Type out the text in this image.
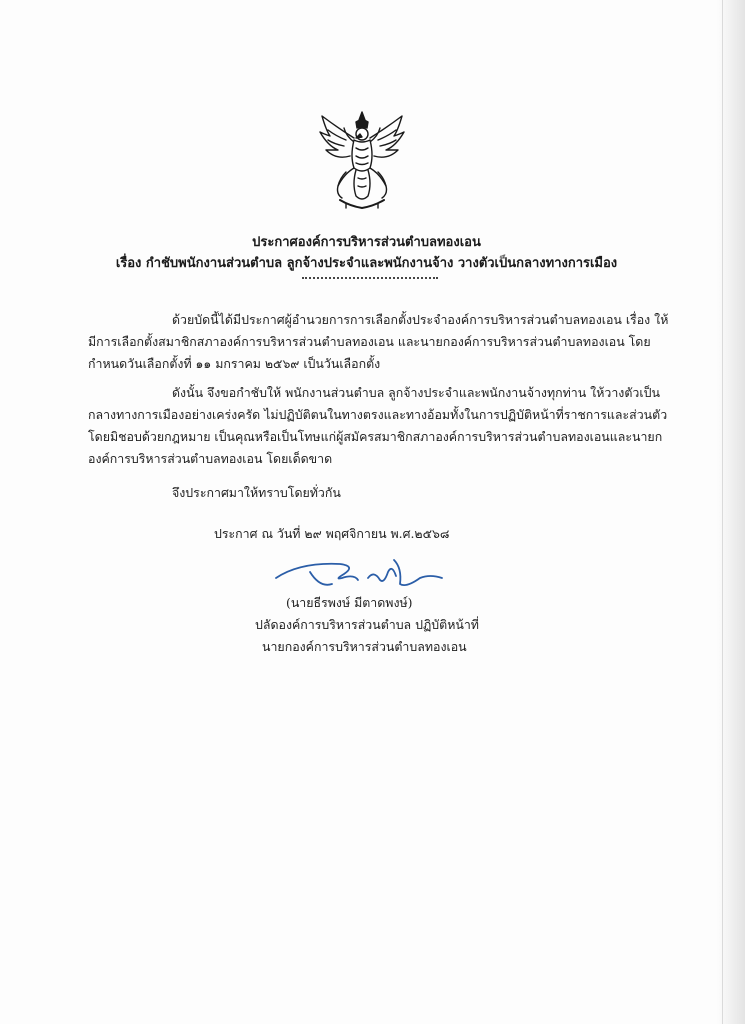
ประกาศองค์การบริหารส่วนตำบลทองเอน
เรื่อง กำชับพนักงานส่วนตำบล ลูกจ้างประจำและพนักงานจ้าง วางตัวเป็นกลางทางการเมือง
ด้วยบัดนี้ได้มีประกาศผู้อำนวยการการเลือกตั้งประจำองค์การบริหารส่วนตำบลทองเอน เรื่อง ให้
มีการเลือกตั้งสมาชิกสภาองค์การบริหารส่วนตำบลทองเอน และนายกองค์การบริหารส่วนตำบลทองเอน โดย
กำหนดวันเลือกตั้งที่ ๑๑ มกราคม ๒๕๖๙ เป็นวันเลือกตั้ง
ดังนั้น จึงขอกำชับให้ พนักงานส่วนตำบล ลูกจ้างประจำและพนักงานจ้างทุกท่าน ให้วางตัวเป็น
กลางทางการเมืองอย่างเคร่งครัด ไม่ปฏิบัติตนในทางตรงและทางอ้อมทั้งในการปฏิบัติหน้าที่ราชการและส่วนตัว
โดยมิชอบด้วยกฎหมาย เป็นคุณหรือเป็นโทษแก่ผู้สมัครสมาชิกสภาองค์การบริหารส่วนตำบลทองเอนและนายก
องค์การบริหารส่วนตำบลทองเอน โดยเด็ดขาด
จึงประกาศมาให้ทราบโดยทั่วกัน
ประกาศ ณ วันที่ ๒๙ พฤศจิกายน พ.ศ.๒๕๖๘
(นายธีรพงษ์ มีตาดพงษ์)
ปลัดองค์การบริหารส่วนตำบล ปฏิบัติหน้าที่
นายกองค์การบริหารส่วนตำบลทองเอน
